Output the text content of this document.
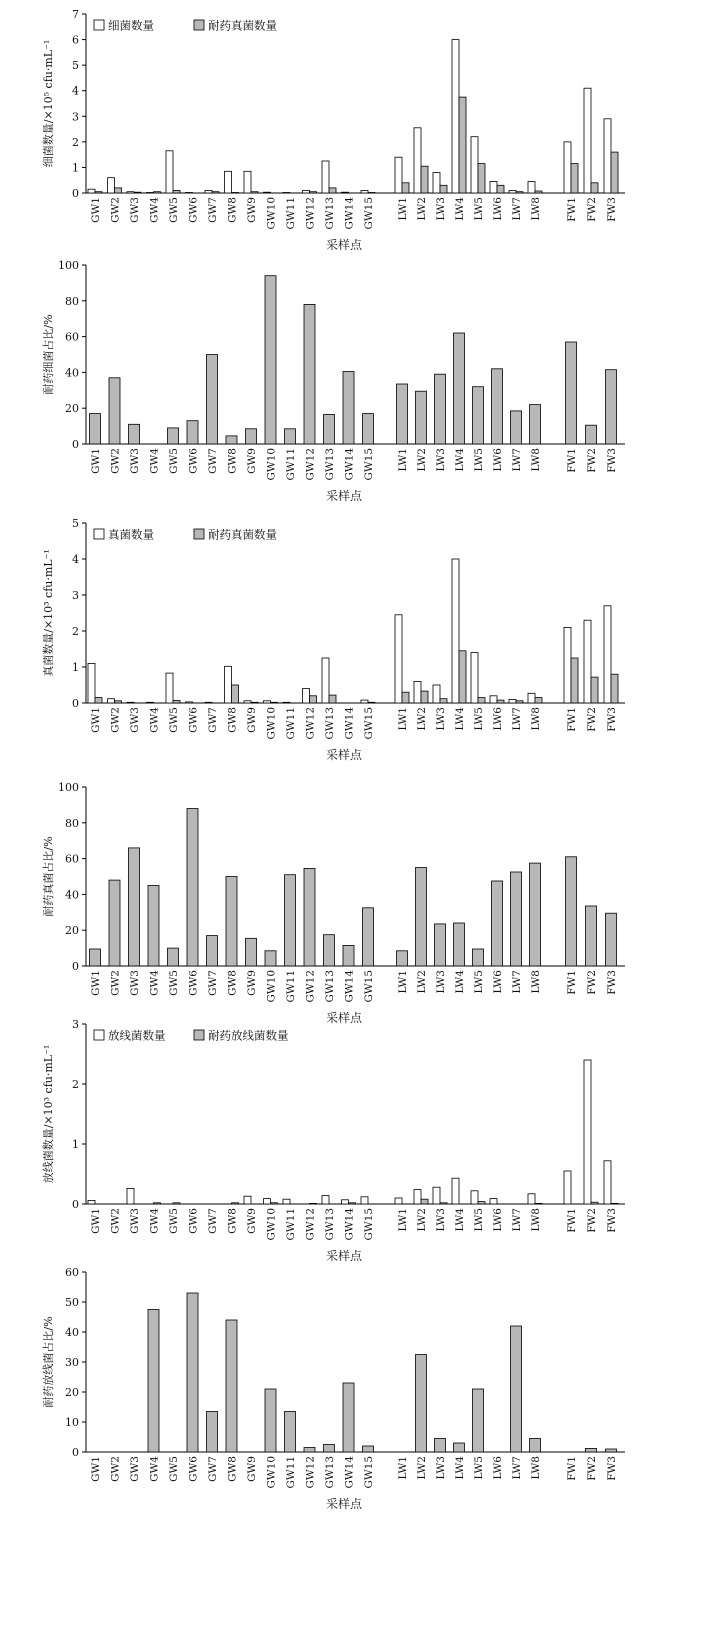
0
1
2
3
4
5
6
7
细菌数量/×10⁵ cfu·mL⁻¹
GW1 GW2 GW3 GW4 GW5 GW6 GW7 GW8 GW9 GW10 GW11 GW12 GW13 GW14 GW15 LW1 LW2 LW3 LW4 LW5 LW6 LW7 LW8 FW1 FW2 FW3
采样点
细菌数量	耐药真菌数量
0
20
40
60
80
100
耐药细菌占比/%
GW1 GW2 GW3 GW4 GW5 GW6 GW7 GW8 GW9 GW10 GW11 GW12 GW13 GW14 GW15 LW1 LW2 LW3 LW4 LW5 LW6 LW7 LW8 FW1 FW2 FW3
采样点
0
1
2
3
4
5
真菌数量/×10³ cfu·mL⁻¹
GW1 GW2 GW3 GW4 GW5 GW6 GW7 GW8 GW9 GW10 GW11 GW12 GW13 GW14 GW15 LW1 LW2 LW3 LW4 LW5 LW6 LW7 LW8 FW1 FW2 FW3
采样点
真菌数量	耐药真菌数量
0
20
40
60
80
100
耐药真菌占比/%
GW1 GW2 GW3 GW4 GW5 GW6 GW7 GW8 GW9 GW10 GW11 GW12 GW13 GW14 GW15 LW1 LW2 LW3 LW4 LW5 LW6 LW7 LW8 FW1 FW2 FW3
采样点
0
1
2
3
放线菌数量/×10³ cfu·mL⁻¹
GW1 GW2 GW3 GW4 GW5 GW6 GW7 GW8 GW9 GW10 GW11 GW12 GW13 GW14 GW15 LW1 LW2 LW3 LW4 LW5 LW6 LW7 LW8 FW1 FW2 FW3
采样点
放线菌数量	耐药放线菌数量
0
10
20
30
40
50
60
耐药放线菌占比/%
GW1 GW2 GW3 GW4 GW5 GW6 GW7 GW8 GW9 GW10 GW11 GW12 GW13 GW14 GW15 LW1 LW2 LW3 LW4 LW5 LW6 LW7 LW8 FW1 FW2 FW3
采样点
